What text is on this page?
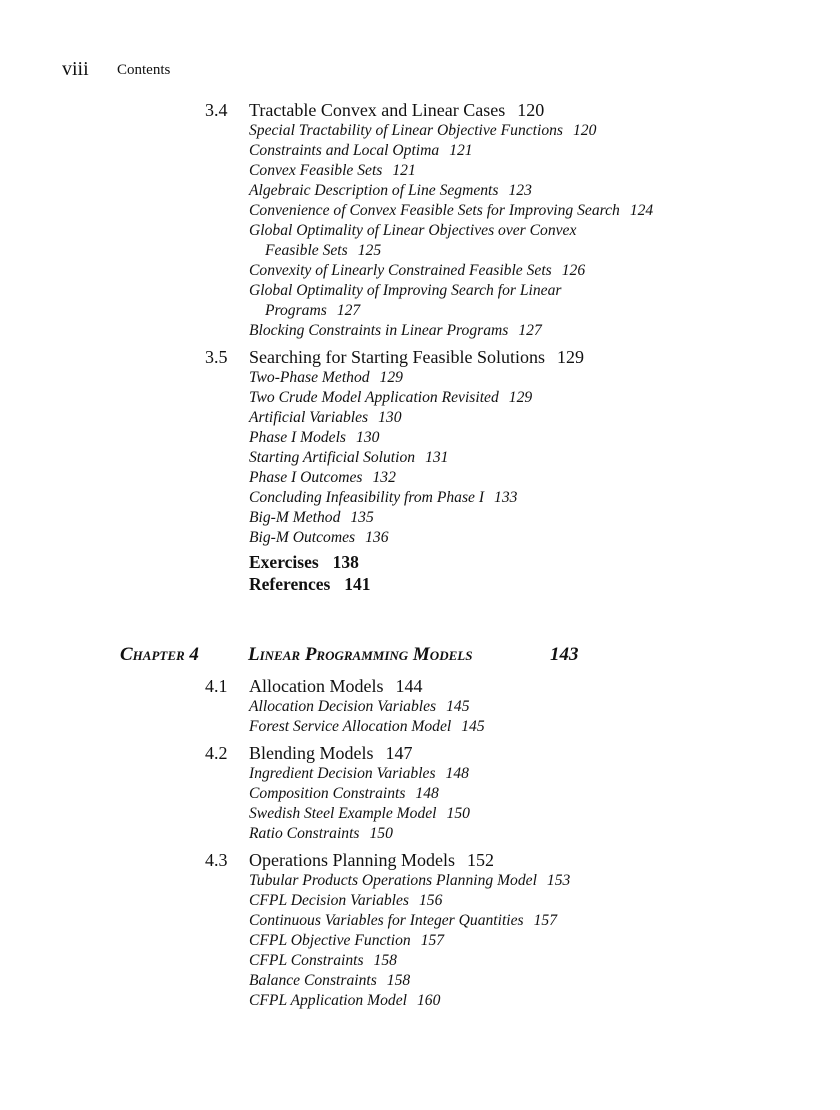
viii Contents
3.4 Tractable Convex and Linear Cases 120
Special Tractability of Linear Objective Functions 120
Constraints and Local Optima 121
Convex Feasible Sets 121
Algebraic Description of Line Segments 123
Convenience of Convex Feasible Sets for Improving Search 124
Global Optimality of Linear Objectives over Convex
Feasible Sets 125
Convexity of Linearly Constrained Feasible Sets 126
Global Optimality of Improving Search for Linear
Programs 127
Blocking Constraints in Linear Programs 127
3.5 Searching for Starting Feasible Solutions 129
Two-Phase Method 129
Two Crude Model Application Revisited 129
Artificial Variables 130
Phase I Models 130
Starting Artificial Solution 131
Phase I Outcomes 132
Concluding Infeasibility from Phase I 133
Big-M Method 135
Big-M Outcomes 136
Exercises 138
References 141
Chapter 4	Linear Programming Models	143
4.1 Allocation Models 144
Allocation Decision Variables 145
Forest Service Allocation Model 145
4.2 Blending Models 147
Ingredient Decision Variables 148
Composition Constraints 148
Swedish Steel Example Model 150
Ratio Constraints 150
4.3 Operations Planning Models 152
Tubular Products Operations Planning Model 153
CFPL Decision Variables 156
Continuous Variables for Integer Quantities 157
CFPL Objective Function 157
CFPL Constraints 158
Balance Constraints 158
CFPL Application Model 160
